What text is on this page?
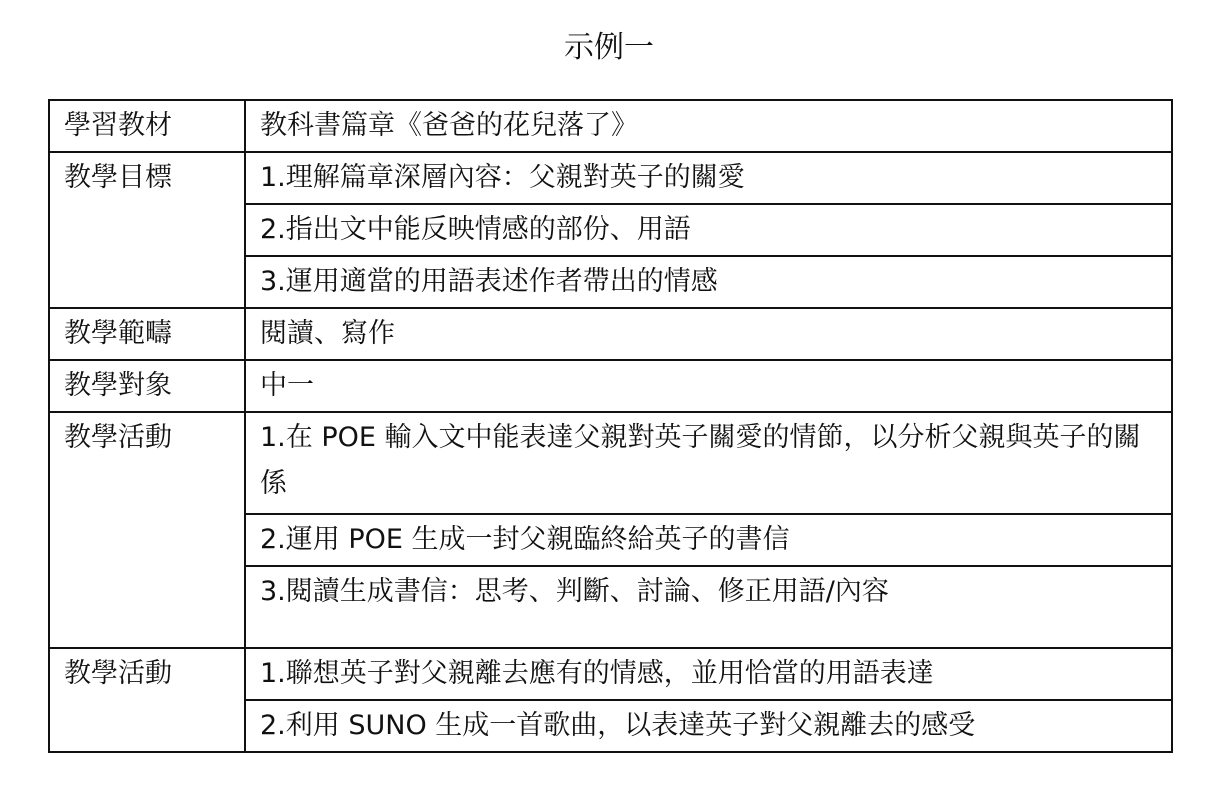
示例一
學習教材	教科書篇章《爸爸的花兒落了》
教學目標	1.理解篇章深層內容：父親對英子的關愛
	2.指出文中能反映情感的部份、用語
	3.運用適當的用語表述作者帶出的情感
教學範疇	閱讀、寫作
教學對象	中一
教學活動	1.在 POE 輸入文中能表達父親對英子關愛的情節，以分析父親與英子的關係
	2.運用 POE 生成一封父親臨終給英子的書信
	3.閱讀生成書信：思考、判斷、討論、修正用語/內容
教學活動	1.聯想英子對父親離去應有的情感，並用恰當的用語表達
	2.利用 SUNO 生成一首歌曲，以表達英子對父親離去的感受
